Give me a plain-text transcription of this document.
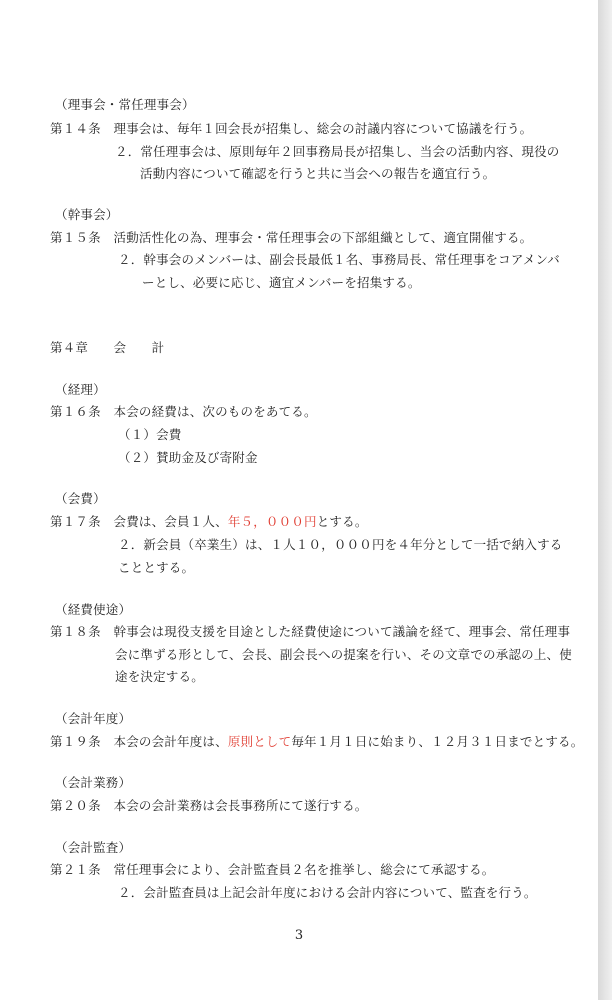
（理事会・常任理事会）
第１４条　理事会は、毎年１回会長が招集し、総会の討議内容について協議を行う。
２．常任理事会は、原則毎年２回事務局長が招集し、当会の活動内容、現役の
活動内容について確認を行うと共に当会への報告を適宜行う。
（幹事会）
第１５条　活動活性化の為、理事会・常任理事会の下部組織として、適宜開催する。
２．幹事会のメンバーは、副会長最低１名、事務局長、常任理事をコアメンバ
ーとし、必要に応じ、適宜メンバーを招集する。
第４章　　会　　計
（経理）
第１６条　本会の経費は、次のものをあてる。
（１）会費
（２）賛助金及び寄附金
（会費）
第１７条　会費は、会員１人、年５，０００円とする。
２．新会員（卒業生）は、１人１０，０００円を４年分として一括で納入する
こととする。
（経費使途）
第１８条　幹事会は現役支援を目途とした経費使途について議論を経て、理事会、常任理事
会に準ずる形として、会長、副会長への提案を行い、その文章での承認の上、使
途を決定する。
（会計年度）
第１９条　本会の会計年度は、原則として毎年１月１日に始まり、１２月３１日までとする。
（会計業務）
第２０条　本会の会計業務は会長事務所にて遂行する。
（会計監査）
第２１条　常任理事会により、会計監査員２名を推挙し、総会にて承認する。
２．会計監査員は上記会計年度における会計内容について、監査を行う。
3
